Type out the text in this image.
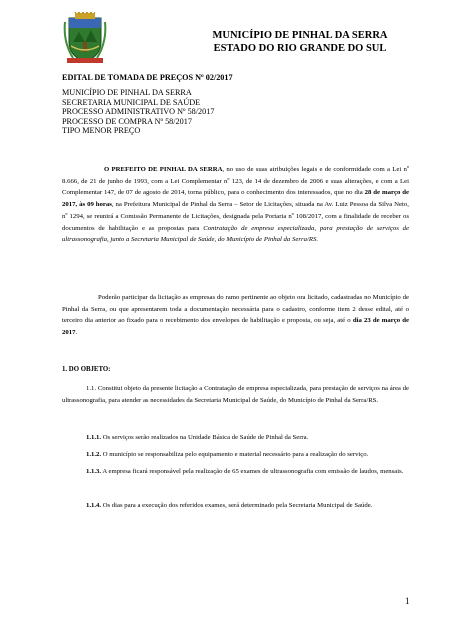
MUNICÍPIO DE PINHAL DA SERRA
ESTADO DO RIO GRANDE DO SUL
EDITAL DE TOMADA DE PREÇOS Nº 02/2017
MUNICÍPIO DE PINHAL DA SERRA
SECRETARIA MUNICIPAL DE SAÚDE
PROCESSO ADMINISTRATIVO Nº 58/2017
PROCESSO DE COMPRA Nº 58/2017
TIPO MENOR PREÇO
O PREFEITO DE PINHAL DA SERRA, no uso de suas atribuições legais e de conformidade com a Lei nº 8.666, de 21 de junho de 1993, com a Lei Complementar nº 123, de 14 de dezembro de 2006 e suas alterações, e com a Lei Complementar 147, de 07 de agosto de 2014, torna público, para o conhecimento dos interessados, que no dia 28 de março de 2017, às 09 horas, na Prefeitura Municipal de Pinhal da Serra – Setor de Licitações, situada na Av. Luiz Pessoa da Silva Neto, nº 1294, se reunirá a Comissão Permanente de Licitações, designada pela Portaria nº 108/2017, com a finalidade de receber os documentos de habilitação e as propostas para Contratação de empresa especializada, para prestação de serviços de ultrassonografia, junto a Secretaria Municipal de Saúde, do Município de Pinhal da Serra/RS.
Poderão participar da licitação as empresas do ramo pertinente ao objeto ora licitado, cadastradas no Município de Pinhal da Serra, ou que apresentarem toda a documentação necessária para o cadastro, conforme item 2 desse edital, até o terceiro dia anterior ao fixado para o recebimento dos envelopes de habilitação e proposta, ou seja, até o dia 23 de março de 2017.
1. DO OBJETO:
1.1. Constitui objeto da presente licitação a Contratação de empresa especializada, para prestação de serviços na área de ultrassonografia, para atender as necessidades da Secretaria Municipal de Saúde, do Município de Pinhal da Serra/RS.
1.1.1. Os serviços serão realizados na Unidade Básica de Saúde de Pinhal da Serra.
1.1.2. O município se responsabiliza pelo equipamento e material necessário para a realização do serviço.
1.1.3. A empresa ficará responsável pela realização de 65 exames de ultrassonografia com emissão de laudos, mensais.
1.1.4. Os dias para a execução dos referidos exames, será determinado pela Secretaria Municipal de Saúde.
1
